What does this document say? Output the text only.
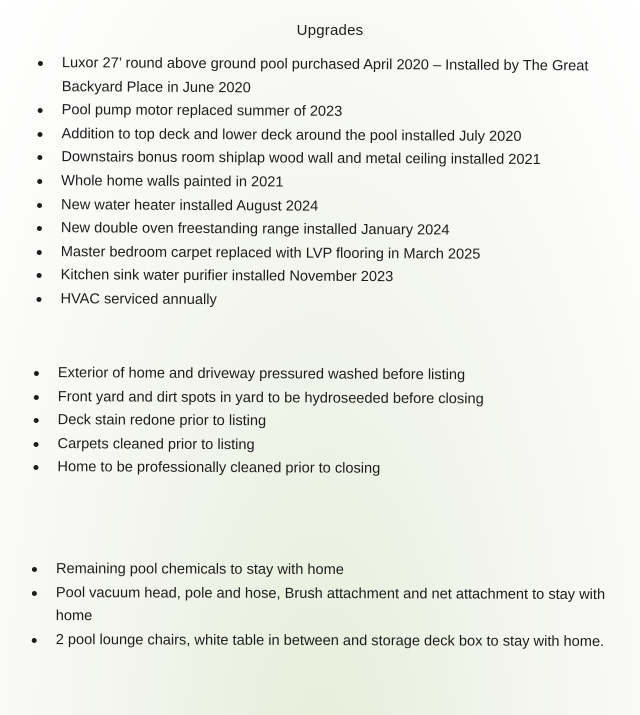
Upgrades
Luxor 27’ round above ground pool purchased April 2020 – Installed by The Great Backyard Place in June 2020
Pool pump motor replaced summer of 2023
Addition to top deck and lower deck around the pool installed July 2020
Downstairs bonus room shiplap wood wall and metal ceiling installed 2021
Whole home walls painted in 2021
New water heater installed August 2024
New double oven freestanding range installed January 2024
Master bedroom carpet replaced with LVP flooring in March 2025
Kitchen sink water purifier installed November 2023
HVAC serviced annually
Exterior of home and driveway pressured washed before listing
Front yard and dirt spots in yard to be hydroseeded before closing
Deck stain redone prior to listing
Carpets cleaned prior to listing
Home to be professionally cleaned prior to closing
Remaining pool chemicals to stay with home
Pool vacuum head, pole and hose, Brush attachment and net attachment to stay with home
2 pool lounge chairs, white table in between and storage deck box to stay with home.
